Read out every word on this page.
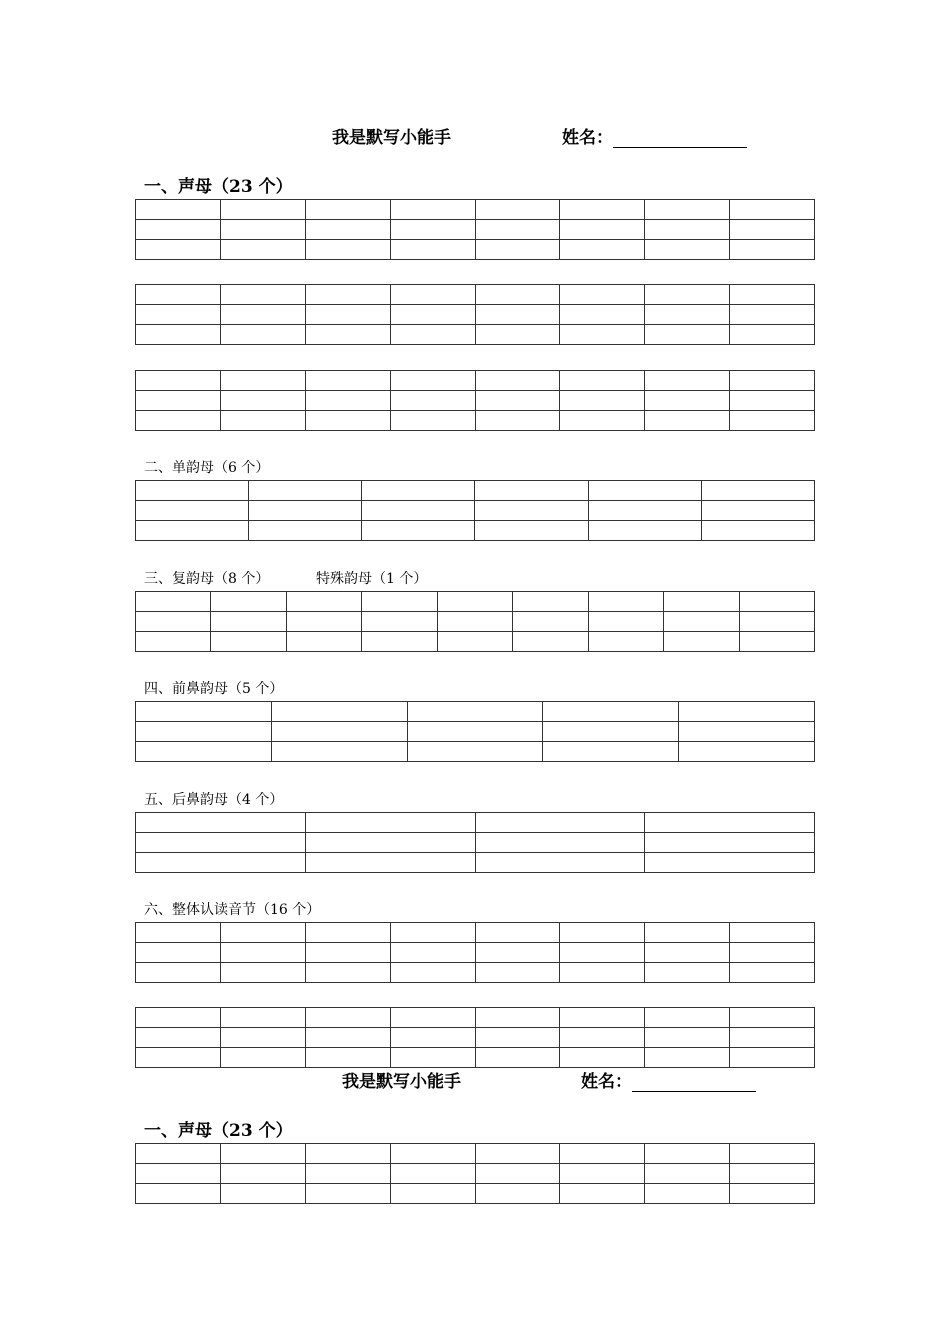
我是默写小能手	姓名：
一、声母（23 个）

二、单韵母（6 个）

三、复韵母（8 个）	特殊韵母（1 个）

四、前鼻韵母（5 个）

五、后鼻韵母（4 个）

六、整体认读音节（16 个）

我是默写小能手	姓名：
一、声母（23 个）
